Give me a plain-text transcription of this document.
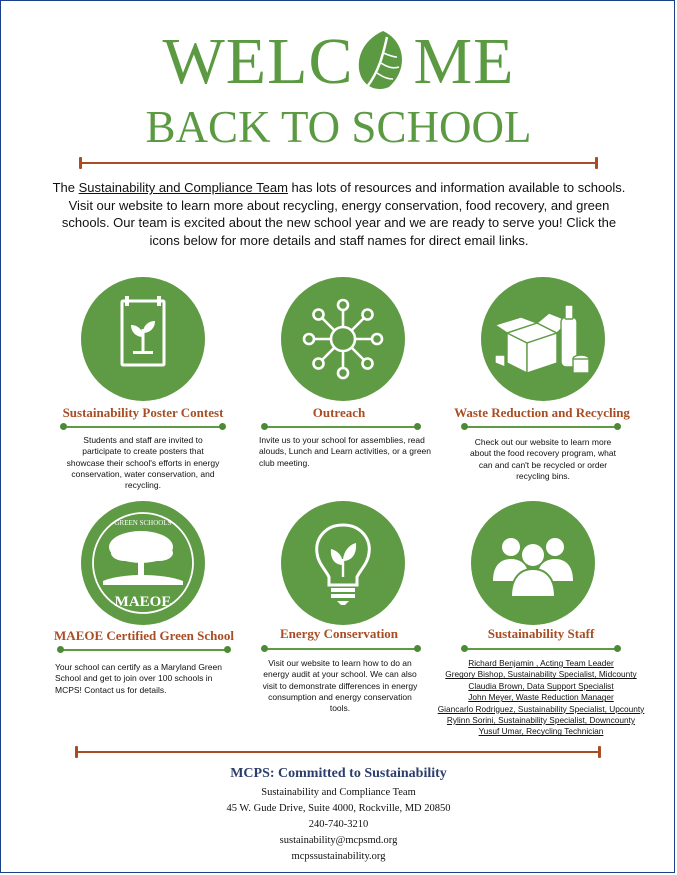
WELC ME
BACK TO SCHOOL
The Sustainability and Compliance Team has lots of resources and information available to schools. Visit our website to learn more about recycling, energy conservation, food recovery, and green schools. Our team is excited about the new school year and we are ready to serve you! Click the icons below for more details and staff names for direct email links.
Sustainability Poster Contest	Outreach	Waste Reduction and Recycling
Students and staff are invited to participate to create posters that showcase their school's efforts in energy conservation, water conservation, and recycling.
Invite us to your school for assemblies, read alouds, Lunch and Learn activities, or a green club meeting.
Check out our website to learn more about the food recovery program, what can and can't be recycled or order recycling bins.
GREEN SCHOOLS
MAEOE
MAEOE Certified Green School	Energy Conservation	Sustainability Staff
Your school can certify as a Maryland Green School and get to join over 100 schools in MCPS! Contact us for details.
Visit our website to learn how to do an energy audit at your school. We can also visit to demonstrate differences in energy consumption and energy conservation tools.
Richard Benjamin , Acting Team Leader
Gregory Bishop, Sustainability Specialist, Midcounty
Claudia Brown, Data Support Specialist
John Meyer, Waste Reduction Manager
Giancarlo Rodriguez, Sustainability Specialist, Upcounty
Rylinn Sorini, Sustainability Specialist, Downcounty
Yusuf Umar, Recycling Technician
MCPS: Committed to Sustainability
Sustainability and Compliance Team
45 W. Gude Drive, Suite 4000, Rockville, MD 20850
240-740-3210
sustainability@mcpsmd.org
mcpssustainability.org
